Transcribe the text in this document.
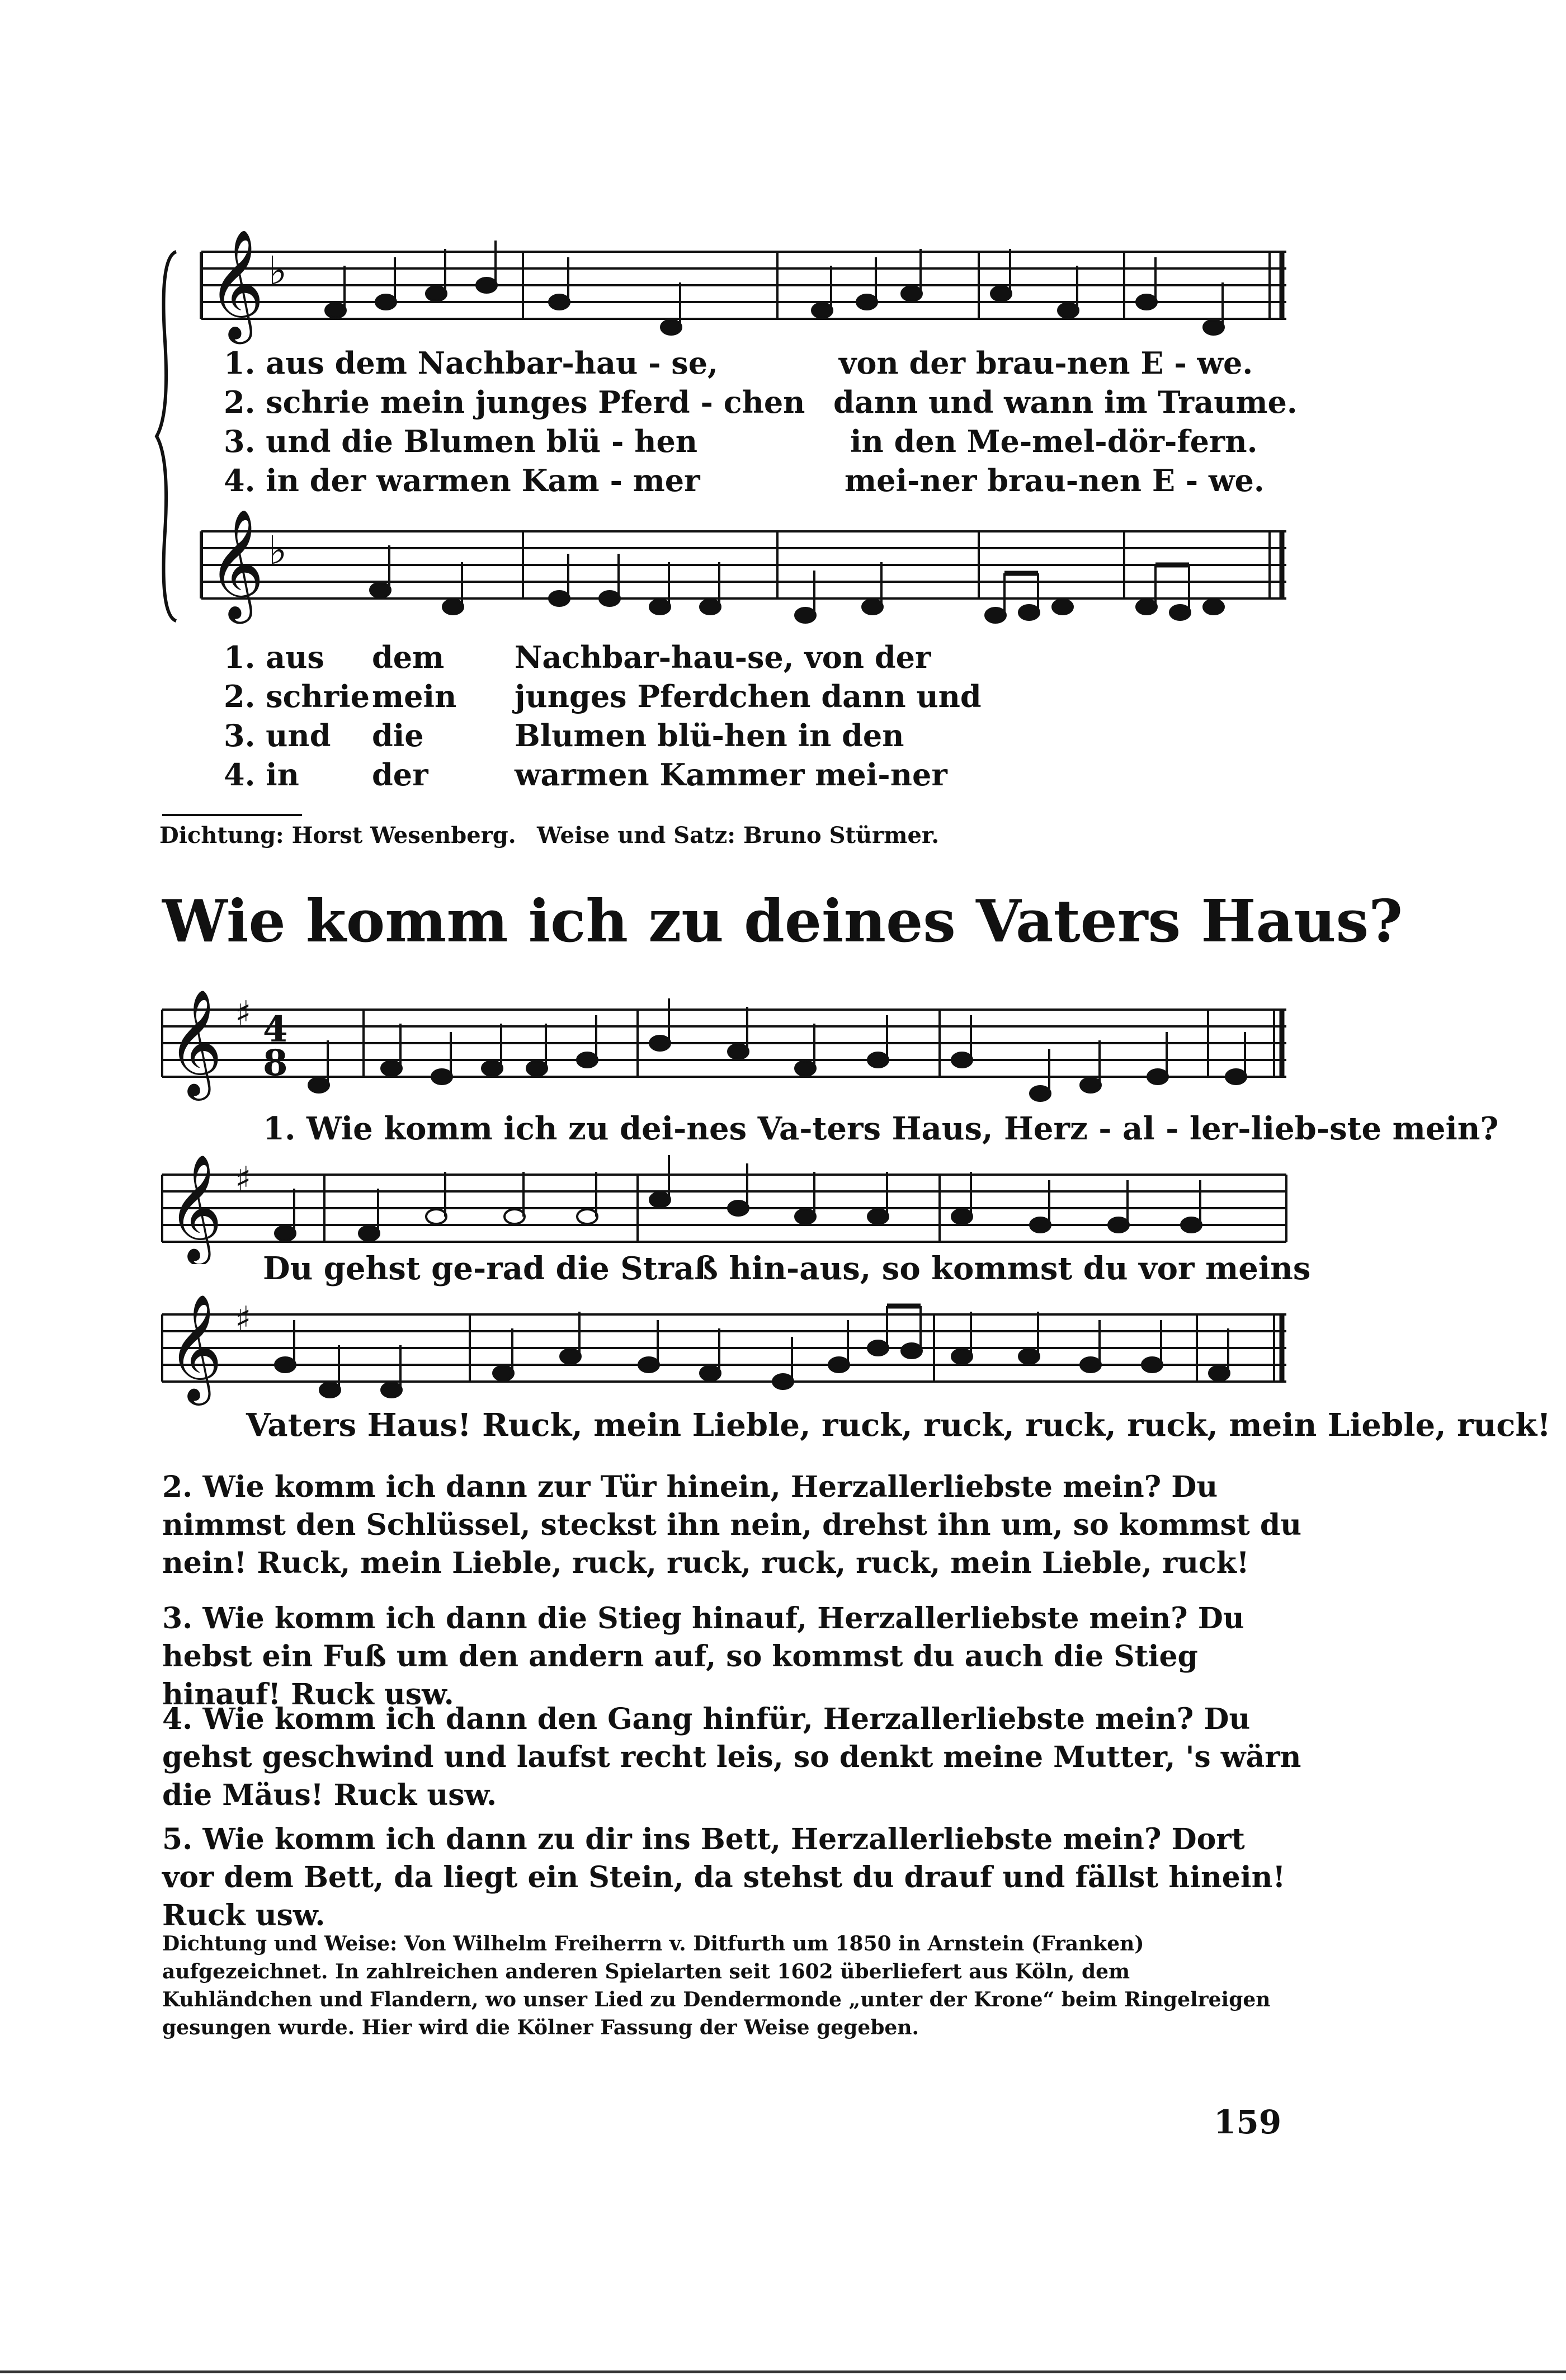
𝄞 ♭
1. aus dem Nachbar-hau - se,	von der brau-nen E - we.
2. schrie mein junges Pferd - chen dann und wann im Traume.
3. und die Blumen blü - hen	in den Me-mel-dör-fern.
4. in der warmen Kam - mer	mei-ner brau-nen E - we.
𝄞 ♭
1. aus dem Nachbar-hau-se, von der
2. schrie mein junges Pferdchen dann und
3. und die	Blumen blü-hen in den
4. in der	warmen Kammer mei-ner
Dichtung: Horst Wesenberg. Weise und Satz: Bruno Stürmer.
Wie komm ich zu deines Vaters Haus?
𝄞 ♯ 4
8
1. Wie komm ich zu dei-nes Va-ters Haus, Herz - al - ler-lieb-ste mein?
𝄞 ♯
Du gehst ge-rad die Straß hin-aus, so kommst du vor meins
𝄞 ♯
Vaters Haus! Ruck, mein Lieble, ruck, ruck, ruck, ruck, mein Lieble, ruck!
2. Wie komm ich dann zur Tür hinein, Herzallerliebste mein? Du nimmst den Schlüssel, steckst ihn nein, drehst ihn um, so kommst du nein! Ruck, mein Lieble, ruck, ruck, ruck, ruck, mein Lieble, ruck!
3. Wie komm ich dann die Stieg hinauf, Herzallerliebste mein? Du hebst ein Fuß um den andern auf, so kommst du auch die Stieg hinauf! Ruck usw.
4. Wie komm ich dann den Gang hinfür, Herzallerliebste mein? Du gehst geschwind und laufst recht leis, so denkt meine Mutter, 's wärn die Mäus! Ruck usw.
5. Wie komm ich dann zu dir ins Bett, Herzallerliebste mein? Dort vor dem Bett, da liegt ein Stein, da stehst du drauf und fällst hinein! Ruck usw.
Dichtung und Weise: Von Wilhelm Freiherrn v. Ditfurth um 1850 in Arnstein (Franken) aufgezeichnet. In zahlreichen anderen Spielarten seit 1602 überliefert aus Köln, dem Kuhländchen und Flandern, wo unser Lied zu Dendermonde „unter der Krone“ beim Ringelreigen gesungen wurde. Hier wird die Kölner Fassung der Weise gegeben.
159
